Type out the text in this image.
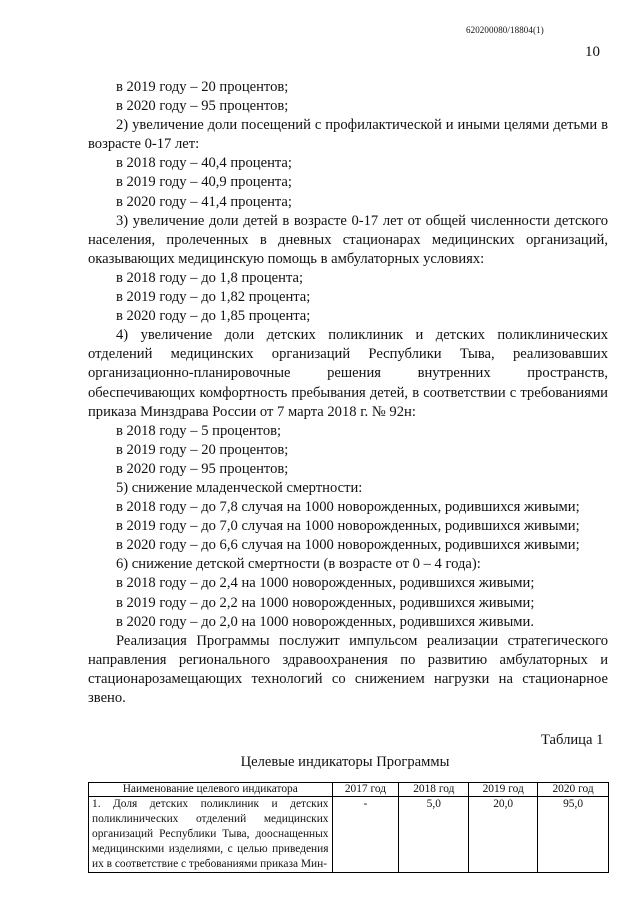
620200080/18804(1)
10

в 2019 году – 20 процентов;

в 2020 году – 95 процентов;

2) увеличение доли посещений с профилактической и иными целями детьми в возрасте 0-17 лет:

в 2018 году – 40,4 процента;

в 2019 году – 40,9 процента;

в 2020 году – 41,4 процента;

3) увеличение доли детей в возрасте 0-17 лет от общей численности детского населения, пролеченных в дневных стационарах медицинских организаций, оказывающих медицинскую помощь в амбулаторных условиях:

в 2018 году – до 1,8 процента;

в 2019 году – до 1,82 процента;

в 2020 году – до 1,85 процента;

4) увеличение доли детских поликлиник и детских поликлинических отделений медицинских организаций Республики Тыва, реализовавших организационно-планировочные решения внутренних пространств, обеспечивающих комфортность пребывания детей, в соответствии с требованиями приказа Минздрава России от 7 марта 2018 г. № 92н:

в 2018 году – 5 процентов;

в 2019 году – 20 процентов;

в 2020 году – 95 процентов;

5) снижение младенческой смертности:

в 2018 году – до 7,8 случая на 1000 новорожденных, родившихся живыми;

в 2019 году – до 7,0 случая на 1000 новорожденных, родившихся живыми;

в 2020 году – до 6,6 случая на 1000 новорожденных, родившихся живыми;

6) снижение детской смертности (в возрасте от 0 – 4 года):

в 2018 году – до 2,4 на 1000 новорожденных, родившихся живыми;

в 2019 году – до 2,2 на 1000 новорожденных, родившихся живыми;

в 2020 году – до 2,0 на 1000 новорожденных, родившихся живыми.

Реализация Программы послужит импульсом реализации стратегического направления регионального здравоохранения по развитию амбулаторных и стационарозамещающих технологий со снижением нагрузки на стационарное звено.

Таблица 1
Целевые индикаторы Программы
Наименование целевого индикатора	2017 год	2018 год	2019 год	2020 год
1. Доля детских поликлиник и детских поликлинических отделений медицинских организаций Республики Тыва, дооснащенных медицинскими изделиями, с целью приведения их в соответствие с требованиями приказа Мин-	-	5,0	20,0	95,0
